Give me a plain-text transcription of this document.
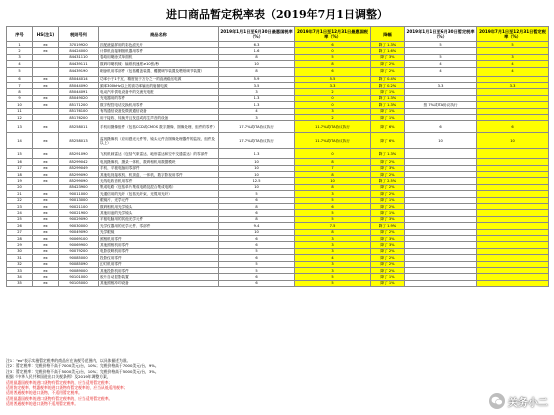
进口商品暂定税率表（2019年7月1日调整）
序号	HS(注1)	税则号列	商品名称	2019年1月1日至6月30日最惠国税率（%）	2019年7月1日至12月31日最惠国税率（%）	降幅	2019年1月1日至6月30日暂定税率（%）	2019年7月1日至12月31日暂定税率（%）
1	ex	37019920	匹配液晶屏用的彩色滤光片	6.3	6	降了 1.3%	5	5
2	ex	84424000	计算机直接制版机器用零件	1.6	0	降了 1.6%		
3		84431110	卷给用刷涂式单面机	8	5	降了 3%	5	3
4		84439111	数码印刷机械：输纸机速度≥10张/秒	10	8	降了 2%	4	4
5		84439190	刷涂机用零部件（包括覆盖装置、覆膜调节装置及喂纸调节装置）	8	6	降了 2%	4	4
6	ex	85044014	功率小于1千瓦、精度低于万分之一的直流稳压电源	5.9	5.5	降了 0.4%		
7	ex	85044090	频率300kHz以上的高功率输出的射频电源	3.5	3.3	降了 0.2%	3.3	3.3
8		85044091	电动汽车供电设备中的交流充电桩	3	2	降了 1%		
9	ex	85049020	充电器用的零件	1.3	0	降了 1.3%		
10	ex	85171200	数字程控电话交换机用零件	1.3	0	降了 1.3%	按 7%或ITA协议执行	
11		85176100	有线通信设备及微波通信设备	4	3	降了 1%		
12		85176200	用于接收、转换并且发送或再生声音的设备	3	2	降了 1%		
13	ex	85258011	手机用摄像组件（包括CCD或CMOS 数字摄像、图像处理、组件的零件）	17.7%或ITA协议执行	11.7%或ITA协议执行	降了 6%	6	6
14	ex	85258013	监视摄像机（应用感光元件等，镜头元件含图像处理器件的监视，组件及以上）	17.7%或ITA协议执行	11.7%或ITA协议执行	降了 6%	10	10
15	ex	85291090	飞机机载雷达（包括气象雷达、地形雷达和空中交通雷达）的零部件	1.3	0	降了 1.3%		
16	ex	85299042	电视摄像机、摄录一体机、数码相机用数据模块	10	8	降了 2%		
17	ex	85299049	手机、平板电脑用零部件	10	7	降了 3%		
18	ex	85299090	其他电视接收机、机顶盒、一体机，数字影视用零件	10	8	降了 2%		
19	ex	85299090	无线电收音机用零件	12.5	10	降了 2.5%		
20		85423900	集成电路（包括单片集成电路及混合集成电路）	10	8	降了 2%		
21	ex	90011000	光通信用的光纤（包括光纤束、光缆用光纤）	5	3	降了 2%		
22	ex	90013000	眼镜片、光学元件	6	5	降了 1%		
23	ex	90021100	数码相机用光学镜头	8	6	降了 2%		
24	ex	90021900	其他用途的光学镜头	6	5	降了 1%		
25	ex	90029090	平板电脑用的其他光学元件	8	5	降了 3%		
26	ex	90030000	光学仪器用的光学元件、零部件	9.4	7.5	降了 1.9%		
27	ex	90049090	光学眼镜	10	8	降了 2%		
28	ex	90069100	照相机用零件	6	3	降了 3%		
29	ex	90069900	其他照相机用零件	6	3	降了 3%		
30	ex	90079200	电影放映机用零件	5	3	降了 2%		
31	ex	90085000	投影仪用零件	6	4	降了 2%		
32	ex	90085090	幻灯机用零件	5	3	降了 2%		
33	ex	90089000	其他投影机用零件	5	3	降了 2%		
34	ex	90101000	胶片自动显影装置	6	5	降了 1%		
35	ex	90105000	其他照相冲印设备	6	5	降了 1%		
注1："ex"表示实施暂定税率的商品应在该税号范围内，以具体描述为准。
注2：暂定税率：完税价格不高于7000美元/台，10%；完税价格高于7000美元/台，9%。
注3：暂定税率：完税价格不高于5000美元/台，10%；完税价格高于5000美元/台，3%。
根据《中华人民共和国进出口关税条例》及2019年调整方案，
适用最惠国税率的进口货物有暂定税率的，应当适用暂定税率；
适用协定税率、特惠税率的进口货物有暂定税率的，应当从低适用税率；
适用普通税率的进口货物，不适用暂定税率。
适用最惠国税率的进口货物有暂定税率的，应当适用暂定税率。
适用普通税率的进口货物不适用暂定税率。	关务小二
